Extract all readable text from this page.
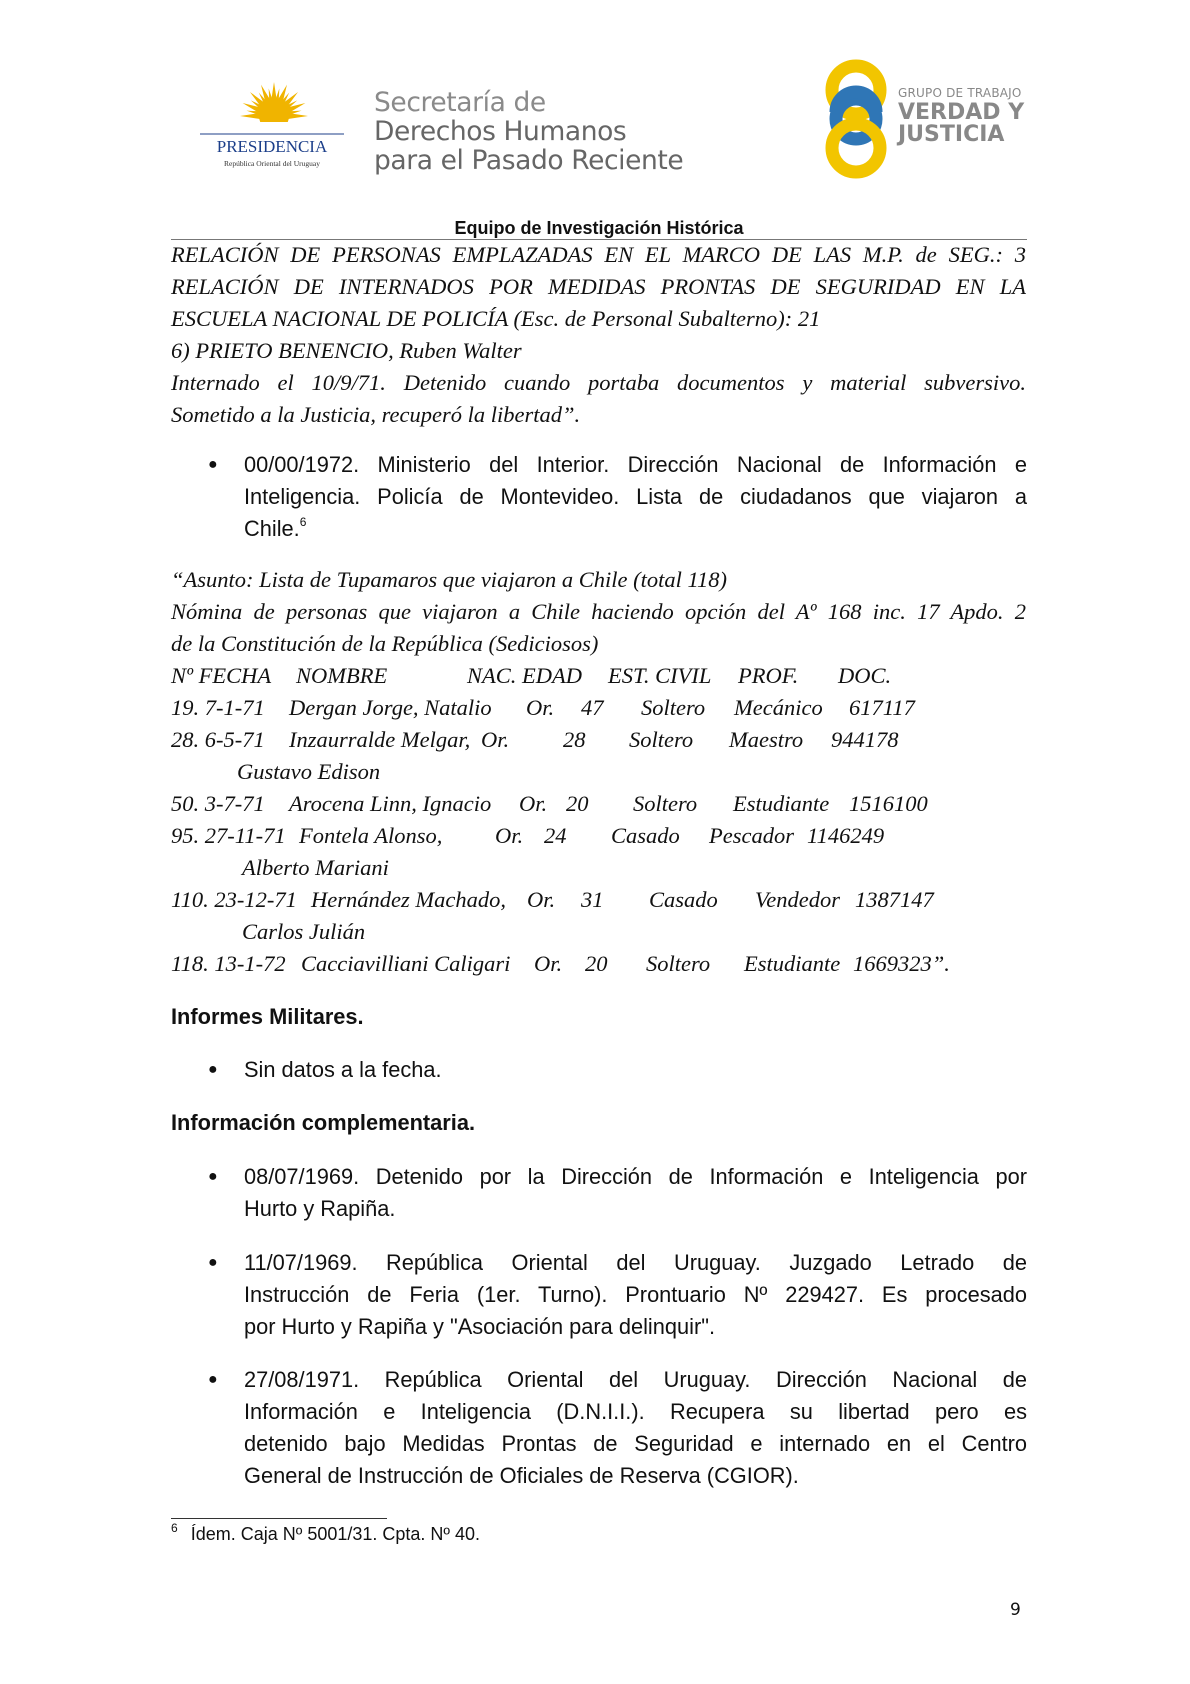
PRESIDENCIA
República Oriental del Uruguay
Secretaría de
Derechos Humanos
para el Pasado Reciente
GRUPO DE TRABAJO
VERDAD Y
JUSTICIA
Equipo de Investigación Histórica
RELACIÓN DE PERSONAS EMPLAZADAS EN EL MARCO DE LAS M.P. de SEG.: 3
RELACIÓN DE INTERNADOS POR MEDIDAS PRONTAS DE SEGURIDAD EN LA
ESCUELA NACIONAL DE POLICÍA (Esc. de Personal Subalterno): 21
6) PRIETO BENENCIO, Ruben Walter
Internado el 10/9/71. Detenido cuando portaba documentos y material subversivo.
Sometido a la Justicia, recuperó la libertad”.
● 00/00/1972. Ministerio del Interior. Dirección Nacional de Información e
Inteligencia. Policía de Montevideo. Lista de ciudadanos que viajaron a
Chile.$^6$
“Asunto: Lista de Tupamaros que viajaron a Chile (total 118)
Nómina de personas que viajaron a Chile haciendo opción del Aº 168 inc. 17 Apdo. 2
de la Constitución de la República (Sediciosos)
Nº FECHA NOMBRE	NAC. EDAD EST. CIVIL PROF. DOC.
19. 7-1-71 Dergan Jorge, Natalio Or. 47 Soltero Mecánico 617117
28. 6-5-71 Inzaurralde Melgar, Or. 28 Soltero Maestro 944178
Gustavo Edison
50. 3-7-71 Arocena Linn, Ignacio Or. 20 Soltero Estudiante 1516100
95. 27-11-71 Fontela Alonso, Or. 24 Casado Pescador 1146249
Alberto Mariani
110. 23-12-71 Hernández Machado, Or. 31 Casado Vendedor 1387147
Carlos Julián
118. 13-1-72 Cacciavilliani Caligari Or. 20 Soltero Estudiante 1669323”.
Informes Militares.
● Sin datos a la fecha.
Información complementaria.
● 08/07/1969. Detenido por la Dirección de Información e Inteligencia por
Hurto y Rapiña.
● 11/07/1969. República Oriental del Uruguay. Juzgado Letrado de
Instrucción de Feria (1er. Turno). Prontuario Nº 229427. Es procesado
por Hurto y Rapiña y "Asociación para delinquir".
● 27/08/1971. República Oriental del Uruguay. Dirección Nacional de
Información e Inteligencia (D.N.I.I.). Recupera su libertad pero es
detenido bajo Medidas Prontas de Seguridad e internado en el Centro
General de Instrucción de Oficiales de Reserva (CGIOR).
$^6$ Ídem. Caja Nº 5001/31. Cpta. Nº 40.
9
